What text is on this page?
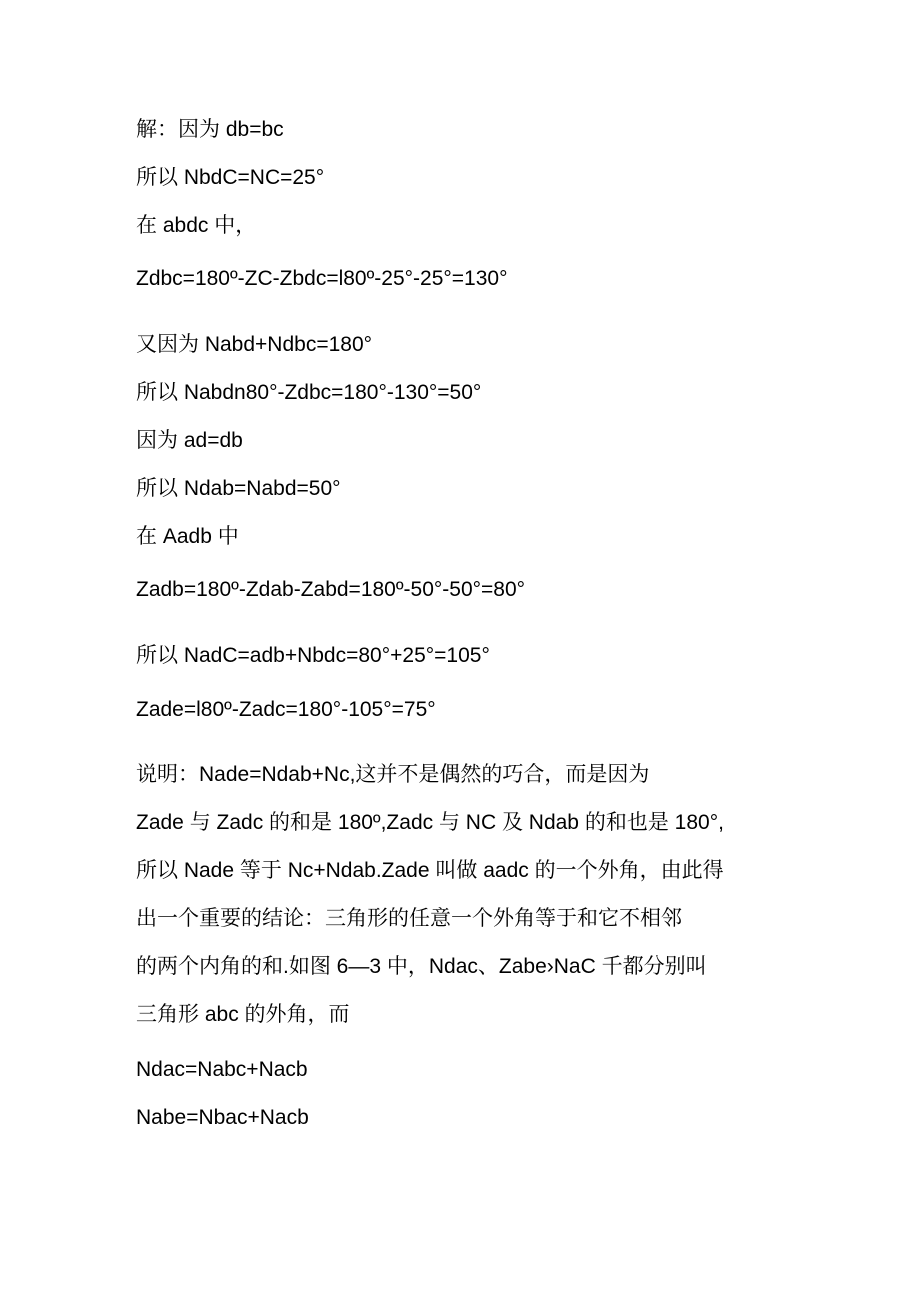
解：因为 db=bc
所以 NbdC=NC=25°
在 abdc 中，
Zdbc=180º-ZC-Zbdc=l80º-25°-25°=130°
又因为 Nabd+Ndbc=180°
所以 Nabdn80°-Zdbc=180°-130°=50°
因为 ad=db
所以 Ndab=Nabd=50°
在 Aadb 中
Zadb=180º-Zdab-Zabd=180º-50°-50°=80°
所以 NadC=adb+Nbdc=80°+25°=105°
Zade=l80º-Zadc=180°-105°=75°
说明：Nade=Ndab+Nc,这并不是偶然的巧合，而是因为
Zade 与 Zadc 的和是 180º,Zadc 与 NC 及 Ndab 的和也是 180°,
所以 Nade 等于 Nc+Ndab.Zade 叫做 aadc 的一个外角，由此得
出一个重要的结论：三角形的任意一个外角等于和它不相邻
的两个内角的和.如图 6—3 中，Ndac、Zabe›NaC 千都分别叫
三角形 abc 的外角，而
Ndac=Nabc+Nacb
Nabe=Nbac+Nacb
